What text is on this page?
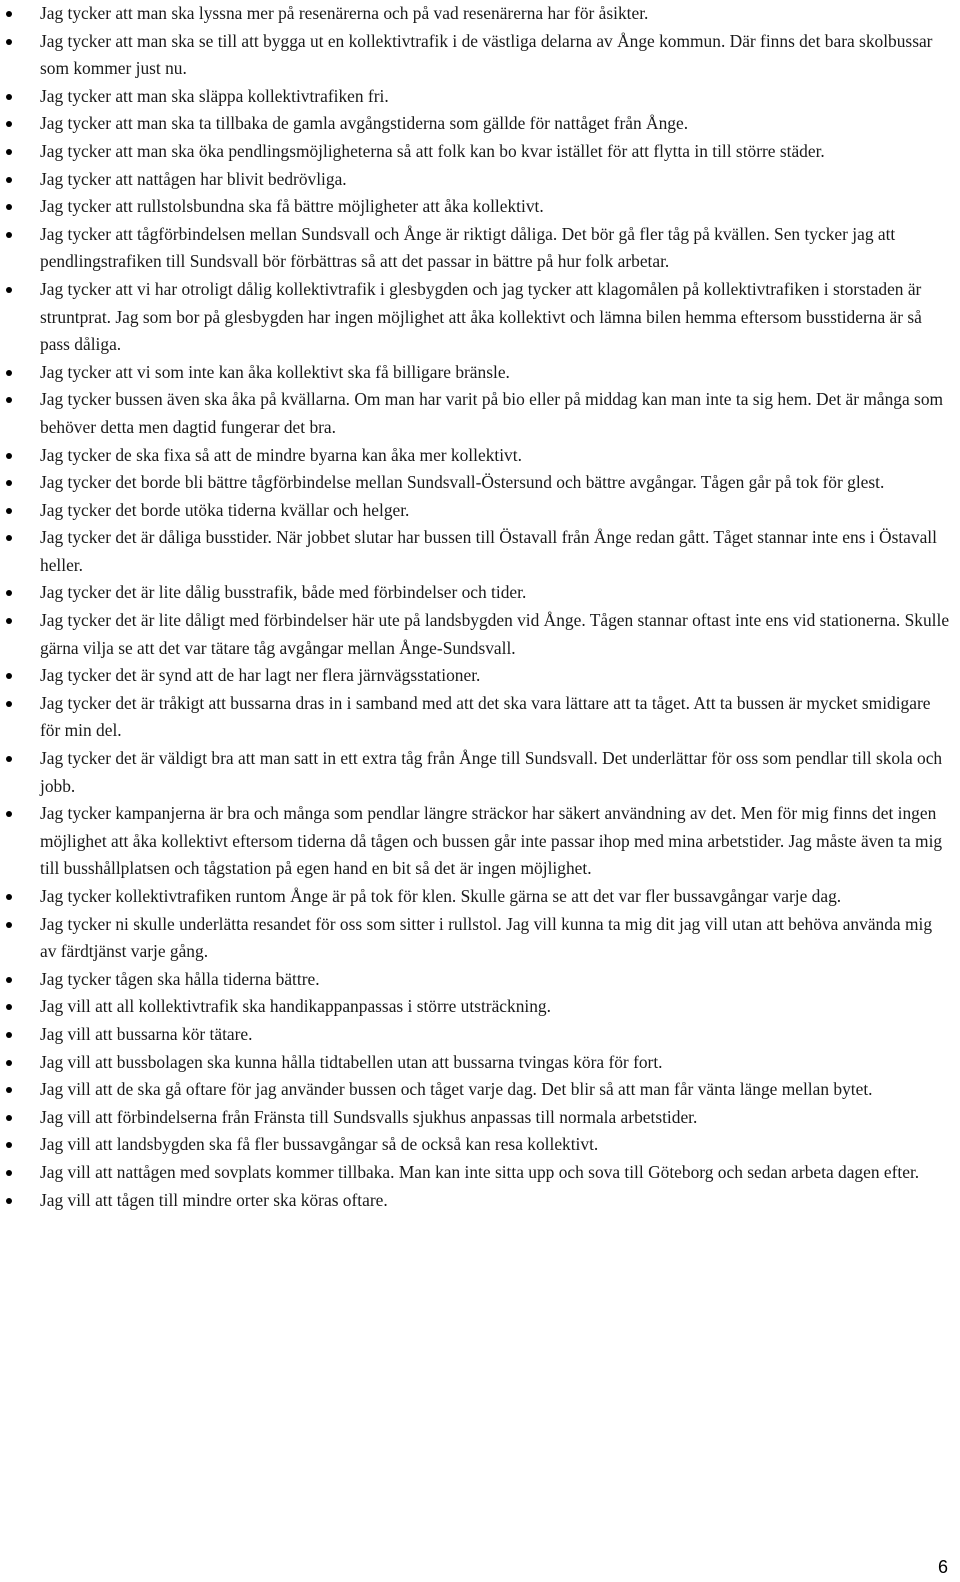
Jag tycker att man ska lyssna mer på resenärerna och på vad resenärerna har för åsikter.
Jag tycker att man ska se till att bygga ut en kollektivtrafik i de västliga delarna av Ånge kommun. Där finns det bara skolbussar som kommer just nu.
Jag tycker att man ska släppa kollektivtrafiken fri.
Jag tycker att man ska ta tillbaka de gamla avgångstiderna som gällde för nattåget från Ånge.
Jag tycker att man ska öka pendlingsmöjligheterna så att folk kan bo kvar istället för att flytta in till större städer.
Jag tycker att nattågen har blivit bedrövliga.
Jag tycker att rullstolsbundna ska få bättre möjligheter att åka kollektivt.
Jag tycker att tågförbindelsen mellan Sundsvall och Ånge är riktigt dåliga. Det bör gå fler tåg på kvällen. Sen tycker jag att pendlingstrafiken till Sundsvall bör förbättras så att det passar in bättre på hur folk arbetar.
Jag tycker att vi har otroligt dålig kollektivtrafik i glesbygden och jag tycker att klagomålen på kollektivtrafiken i storstaden är struntprat. Jag som bor på glesbygden har ingen möjlighet att åka kollektivt och lämna bilen hemma eftersom busstiderna är så pass dåliga.
Jag tycker att vi som inte kan åka kollektivt ska få billigare bränsle.
Jag tycker bussen även ska åka på kvällarna. Om man har varit på bio eller på middag kan man inte ta sig hem. Det är många som behöver detta men dagtid fungerar det bra.
Jag tycker de ska fixa så att de mindre byarna kan åka mer kollektivt.
Jag tycker det borde bli bättre tågförbindelse mellan Sundsvall-Östersund och bättre avgångar. Tågen går på tok för glest.
Jag tycker det borde utöka tiderna kvällar och helger.
Jag tycker det är dåliga busstider. När jobbet slutar har bussen till Östavall från Ånge redan gått. Tåget stannar inte ens i Östavall heller.
Jag tycker det är lite dålig busstrafik, både med förbindelser och tider.
Jag tycker det är lite dåligt med förbindelser här ute på landsbygden vid Ånge. Tågen stannar oftast inte ens vid stationerna. Skulle gärna vilja se att det var tätare tåg avgångar mellan Ånge-Sundsvall.
Jag tycker det är synd att de har lagt ner flera järnvägsstationer.
Jag tycker det är tråkigt att bussarna dras in i samband med att det ska vara lättare att ta tåget. Att ta bussen är mycket smidigare för min del.
Jag tycker det är väldigt bra att man satt in ett extra tåg från Ånge till Sundsvall. Det underlättar för oss som pendlar till skola och jobb.
Jag tycker kampanjerna är bra och många som pendlar längre sträckor har säkert användning av det. Men för mig finns det ingen möjlighet att åka kollektivt eftersom tiderna då tågen och bussen går inte passar ihop med mina arbetstider. Jag måste även ta mig till busshållplatsen och tågstation på egen hand en bit så det är ingen möjlighet.
Jag tycker kollektivtrafiken runtom Ånge är på tok för klen. Skulle gärna se att det var fler bussavgångar varje dag.
Jag tycker ni skulle underlätta resandet för oss som sitter i rullstol. Jag vill kunna ta mig dit jag vill utan att behöva använda mig av färdtjänst varje gång.
Jag tycker tågen ska hålla tiderna bättre.
Jag vill att all kollektivtrafik ska handikappanpassas i större utsträckning.
Jag vill att bussarna kör tätare.
Jag vill att bussbolagen ska kunna hålla tidtabellen utan att bussarna tvingas köra för fort.
Jag vill att de ska gå oftare för jag använder bussen och tåget varje dag. Det blir så att man får vänta länge mellan bytet.
Jag vill att förbindelserna från Fränsta till Sundsvalls sjukhus anpassas till normala arbetstider.
Jag vill att landsbygden ska få fler bussavgångar så de också kan resa kollektivt.
Jag vill att nattågen med sovplats kommer tillbaka. Man kan inte sitta upp och sova till Göteborg och sedan arbeta dagen efter.
Jag vill att tågen till mindre orter ska köras oftare.
6
